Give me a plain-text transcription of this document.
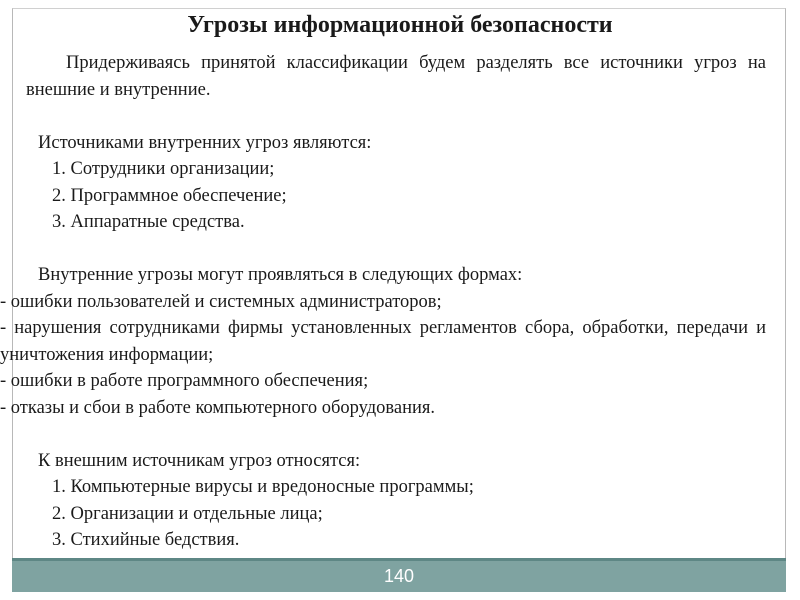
Угрозы информационной безопасности

Придерживаясь принятой классификации будем разделять все источники угроз на внешние и внутренние.

Источниками внутренних угроз являются:

1. Сотрудники организации;

2. Программное обеспечение;

3. Аппаратные средства.

Внутренние угрозы могут проявляться в следующих формах:

- ошибки пользователей и системных администраторов;

- нарушения сотрудниками фирмы установленных регламентов сбора, обработки, передачи и уничтожения информации;

- ошибки в работе программного обеспечения;

- отказы и сбои в работе компьютерного оборудования.

К внешним источникам угроз относятся:

1. Компьютерные вирусы и вредоносные программы;

2. Организации и отдельные лица;

3. Стихийные бедствия.

140
